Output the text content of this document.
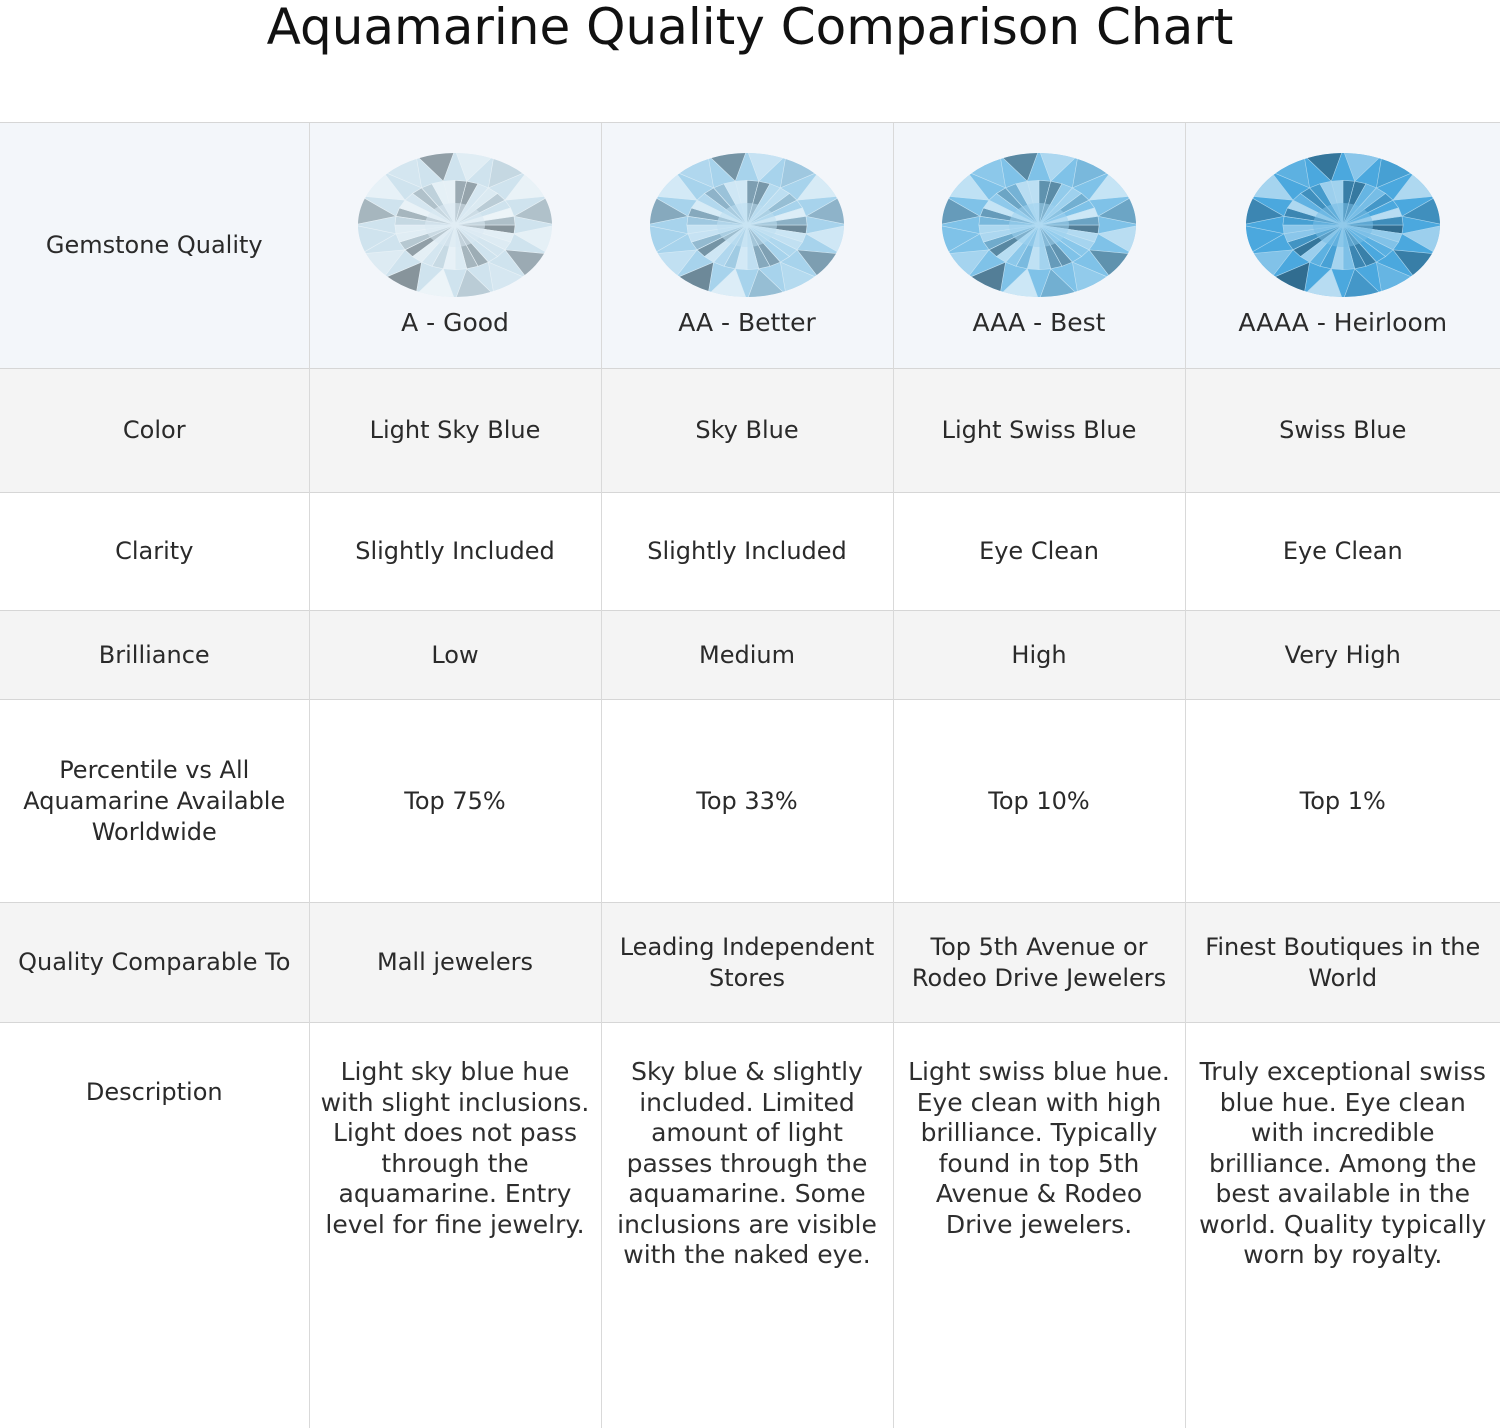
Aquamarine Quality Comparison Chart
Gemstone Quality	A - Good	AA - Better	AAA - Best	AAAA - Heirloom

Color	Light Sky Blue	Sky Blue	Light Swiss Blue	Swiss Blue
Clarity	Slightly Included	Slightly Included	Eye Clean	Eye Clean
Brilliance	Low	Medium	High	Very High
Percentile vs All Aquamarine Available Worldwide	Top 75%	Top 33%	Top 10%	Top 1%
Quality Comparable To	Mall jewelers	Leading Independent Stores	Top 5th Avenue or Rodeo Drive Jewelers	Finest Boutiques in the World

Description	Light sky blue hue with slight inclusions. Light does not pass through the aquamarine. Entry level for fine jewelry.	Sky blue & slightly included. Limited amount of light passes through the aquamarine. Some inclusions are visible with the naked eye.	Light swiss blue hue. Eye clean with high brilliance. Typically found in top 5th Avenue & Rodeo Drive jewelers.	Truly exceptional swiss blue hue. Eye clean with incredible brilliance. Among the best available in the world. Quality typically worn by royalty.
